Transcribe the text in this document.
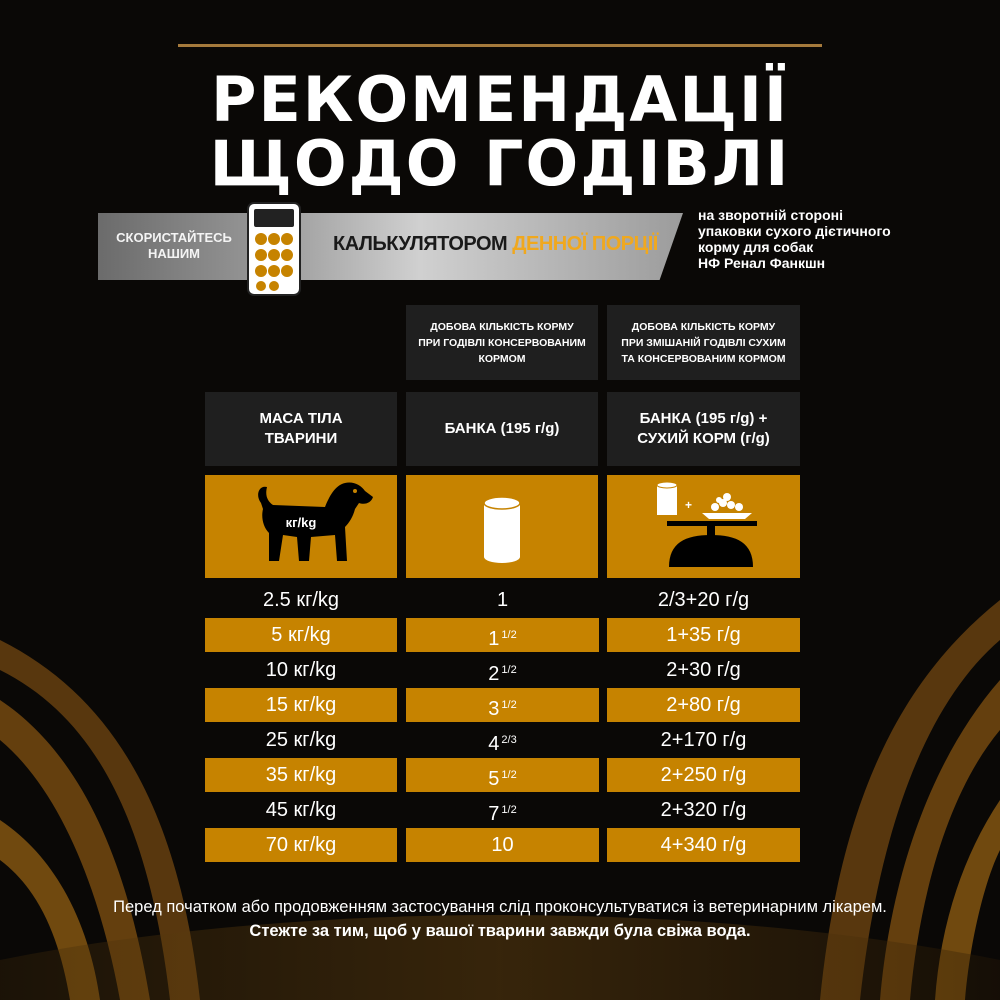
РЕКОМЕНДАЦІЇ
ЩОДО ГОДІВЛІ
СКОРИСТАЙТЕСЬ
НАШИМ	КАЛЬКУЛЯТОРОМ ДЕННОЇ ПОРЦІЇ
на зворотній стороні
упаковки сухого дієтичного
корму для собак
НФ Ренал Фанкшн
ДОБОВА КІЛЬКІСТЬ КОРМУ
ПРИ ГОДІВЛІ КОНСЕРВОВАНИМ
КОРМОМ
ДОБОВА КІЛЬКІСТЬ КОРМУ
ПРИ ЗМІШАНІЙ ГОДІВЛІ СУХИМ
ТА КОНСЕРВОВАНИМ КОРМОМ
МАСА ТІЛА
ТВАРИНИ
БАНКА (195 г/g)
БАНКА (195 г/g) +
СУХИЙ КОРМ (г/g)
кг/kg
+
2.5 кг/kg	1	2/3+20 г/g
5 кг/kg	1 $^{1/2}$	1+35 г/g
10 кг/kg	2 $^{1/2}$	2+30 г/g
15 кг/kg	3 $^{1/2}$	2+80 г/g
25 кг/kg	4 $^{2/3}$	2+170 г/g
35 кг/kg	5 $^{1/2}$	2+250 г/g
45 кг/kg	7 $^{1/2}$	2+320 г/g
70 кг/kg	10	4+340 г/g
Перед початком або продовженням застосування слід проконсультуватися із ветеринарним лікарем.
Стежте за тим, щоб у вашої тварини завжди була свіжа вода.
